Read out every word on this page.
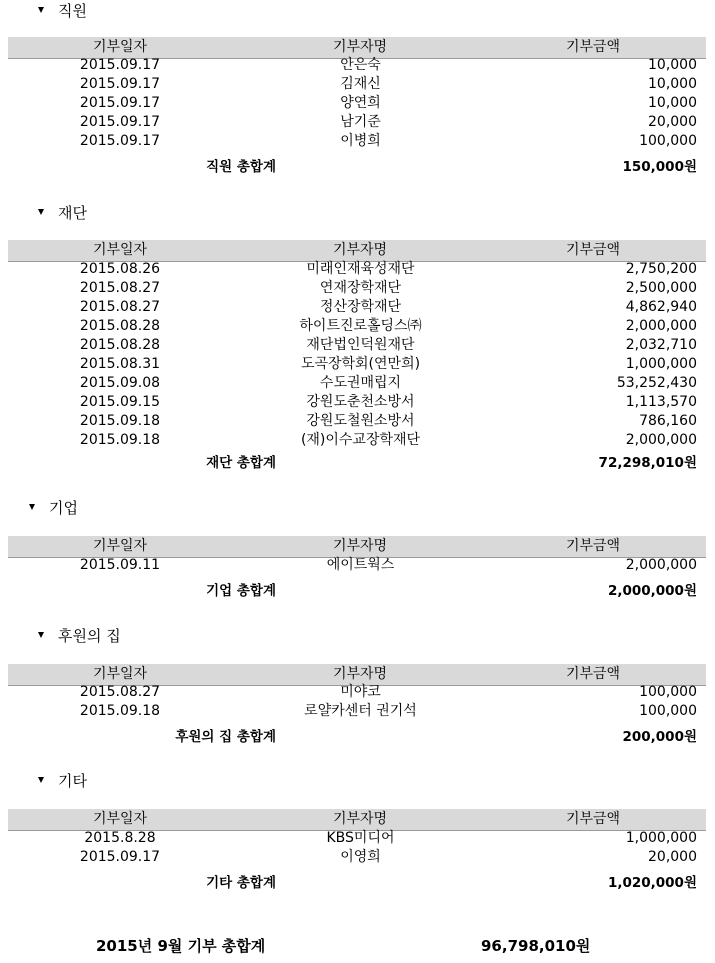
직원
기부일자	기부자명	기부금액
2015.09.17	안은숙	10,000
2015.09.17	김재신	10,000
2015.09.17	양연희	10,000
2015.09.17	남기준	20,000
2015.09.17	이병희	100,000
직원 총합계	150,000원
재단
기부일자	기부자명	기부금액
2015.08.26	미래인재육성재단	2,750,200
2015.08.27	연재장학재단	2,500,000
2015.08.27	정산장학재단	4,862,940
2015.08.28	하이트진로홀딩스㈜	2,000,000
2015.08.28	재단법인덕원재단	2,032,710
2015.08.31	도곡장학회(연만희)	1,000,000
2015.09.08	수도권매립지	53,252,430
2015.09.15	강원도춘천소방서	1,113,570
2015.09.18	강원도철원소방서	786,160
2015.09.18	(재)이수교장학재단	2,000,000
재단 총합계	72,298,010원
기업
기부일자	기부자명	기부금액
2015.09.11	에이트웍스	2,000,000
기업 총합계	2,000,000원
후원의 집
기부일자	기부자명	기부금액
2015.08.27	미야코	100,000
2015.09.18	로얄카센터 권기석	100,000
후원의 집 총합계	200,000원
기타
기부일자	기부자명	기부금액
2015.8.28	KBS미디어	1,000,000
2015.09.17	이영희	20,000
기타 총합계	1,020,000원
2015년 9월 기부 총합계	96,798,010원
